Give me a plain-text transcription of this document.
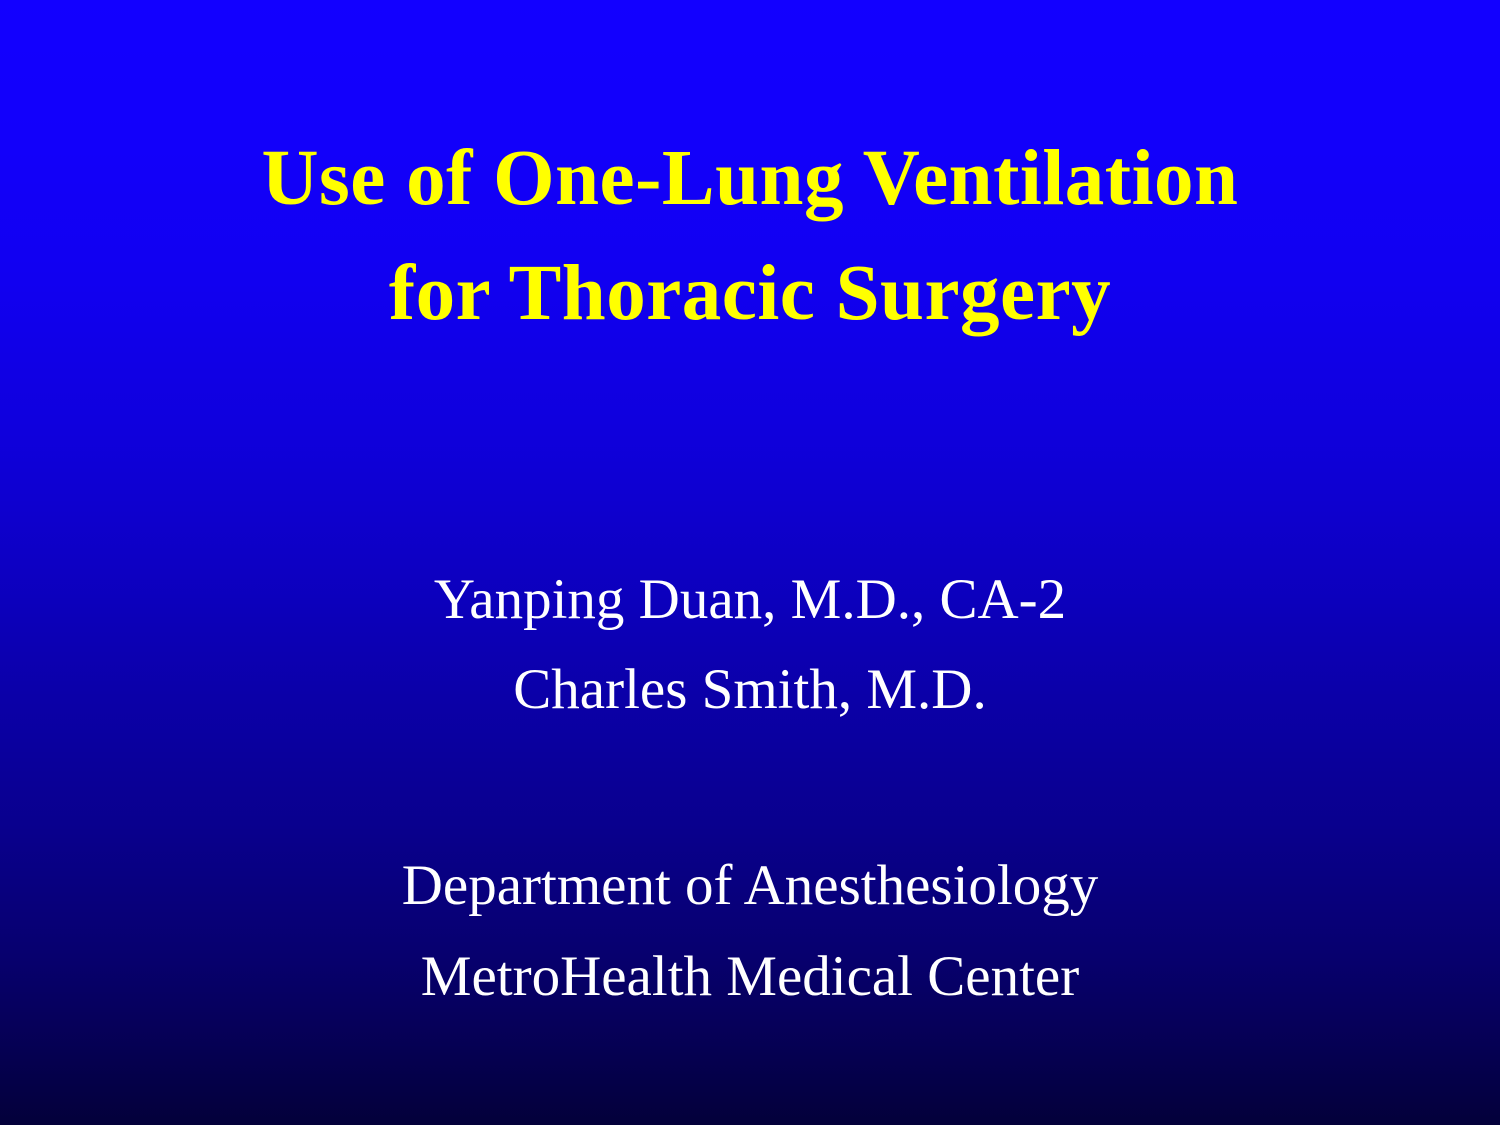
Use of One-Lung Ventilation
for Thoracic Surgery
Yanping Duan, M.D., CA-2
Charles Smith, M.D.
Department of Anesthesiology
MetroHealth Medical Center
